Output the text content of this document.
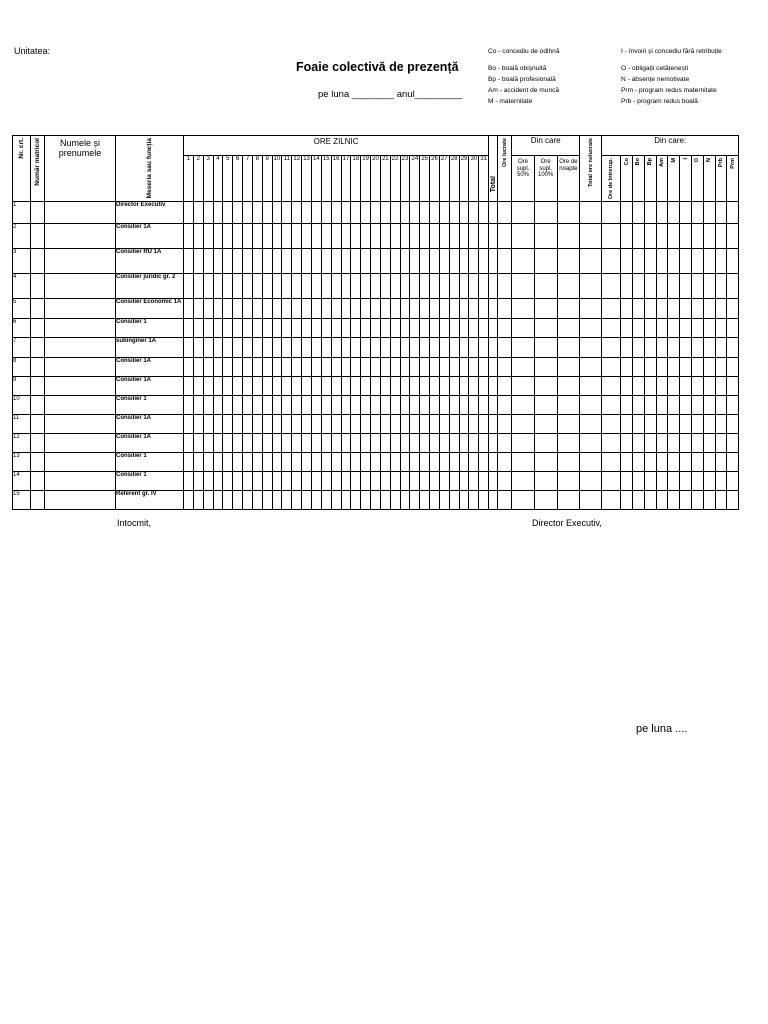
Unitatea:
Foaie colectivă de prezență
pe luna ________ anul_________
Co - concediu de odihnă
Bo - boală obișnuită
Bp - boală profesională
Am - accident de muncă
M - maternitate
I - învoiri și concediu fără retribuție
O - obligații cetățenești
N - absențe nemotivate
Prm - program redus maternitate
Prb - program redus boală
Nr. crt.	Număr matricol	Numele și prenumele	Meseria sau funcția	ORE ZILNIC																															Total	Ore lucrate	Din care			Total ore nelucrate	Din care:										

				1	2	3	4	5	6	7	8	9	10	11	12	13	14	15	16	17	18	19	20	21	22	23	24	25	26	27	28	29	30	31			Ore supl. 50%	Ore supl. 100%	Ore de noapte		Ore de întrerup.	Co	Bo	Bp	Am	M	I	O	N	Prb	Prm

1			Director Executiv																																																
2			Consilier 1A																																																
3			Consilier RU 1A																																																
4			Consilier juridic gr. 2																																																
5			Consilier Economic 1A																																																
6			Consilier 1																																																
7			subinginer 1A																																																
8			Consilier 1A																																																
9			Consilier 1A																																																
10			Consilier 1																																																
11			Consilier 1A																																																
12			Consilier 1A																																																
13			Consilier 1																																																
14			Consilier 1																																																
15			Referent gr. IV																																																
Intocmit,	Director Executiv,
pe luna ....
